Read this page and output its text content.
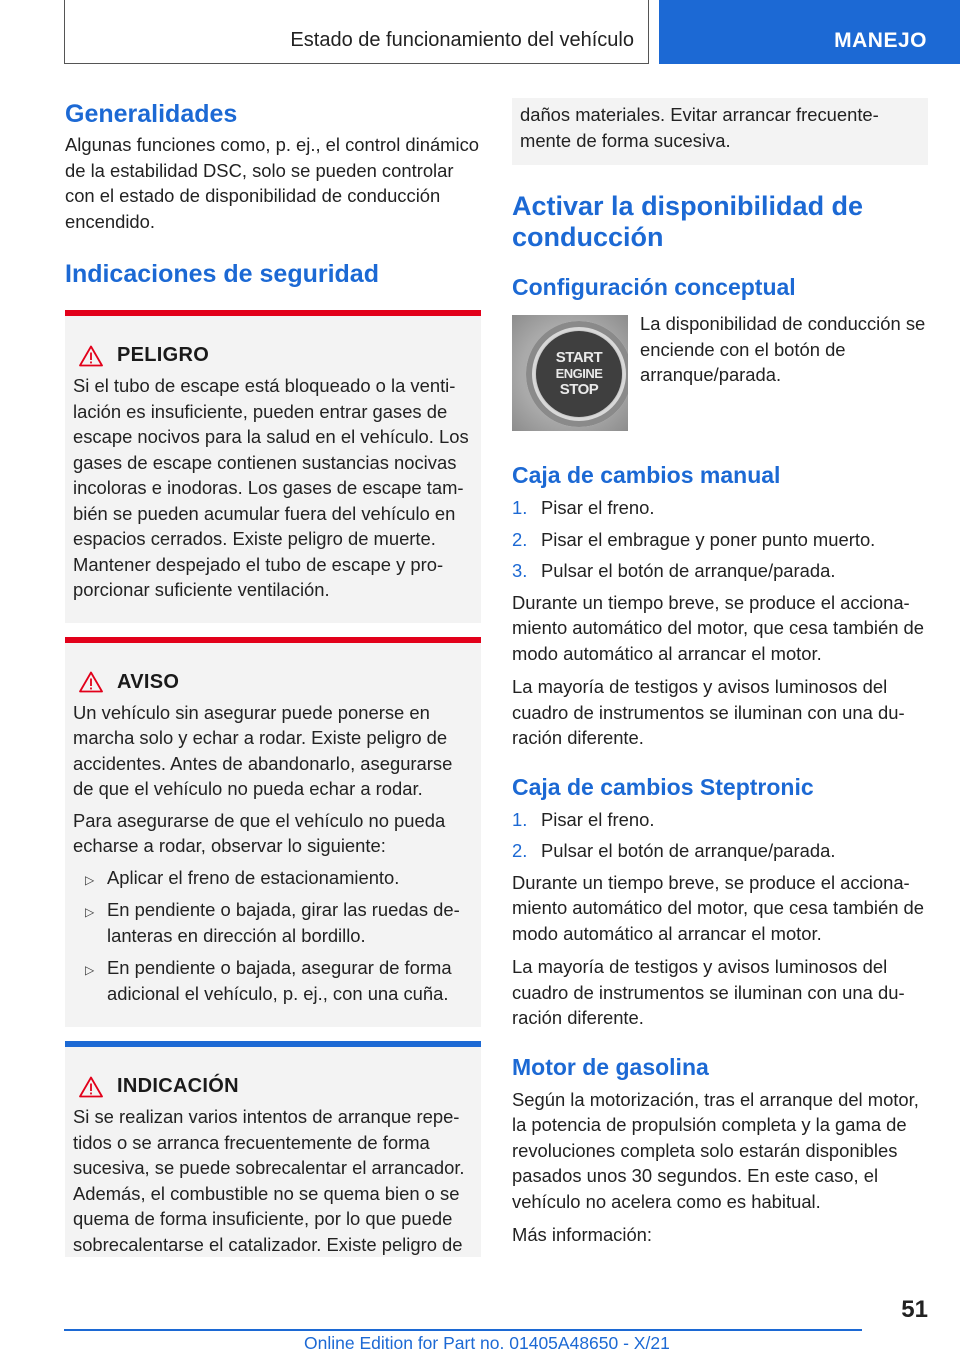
Estado de funcionamiento del vehículo	MANEJO
Generalidades

Algunas funciones como, p. ej., el control dinámico de la estabilidad DSC, solo se pueden controlar con el estado de disponibilidad de conducción encendido.

Indicaciones de seguridad
PELIGRO

Si el tubo de escape está bloqueado o la ventilación es insuficiente, pueden entrar gases de escape nocivos para la salud en el vehículo. Los gases de escape contienen sustancias nocivas incoloras e inodoras. Los gases de escape también se pueden acumular fuera del vehículo en espacios cerrados. Existe peligro de muerte. Mantener despejado el tubo de escape y proporcionar suficiente ventilación.

AVISO

Un vehículo sin asegurar puede ponerse en marcha solo y echar a rodar. Existe peligro de accidentes. Antes de abandonarlo, asegurarse de que el vehículo no pueda echar a rodar.

Para asegurarse de que el vehículo no pueda echarse a rodar, observar lo siguiente:

▷ Aplicar el freno de estacionamiento.
▷ En pendiente o bajada, girar las ruedas delanteras en dirección al bordillo.
▷ En pendiente o bajada, asegurar de forma adicional el vehículo, p. ej., con una cuña.
INDICACIÓN

Si se realizan varios intentos de arranque repetidos o se arranca frecuentemente de forma sucesiva, se puede sobrecalentar el arrancador. Además, el combustible no se quema bien o se quema de forma insuficiente, por lo que puede sobrecalentarse el catalizador. Existe peligro de

daños materiales. Evitar arrancar frecuentemente de forma sucesiva.

Activar la disponibilidad de conducción
Configuración conceptual
START
ENGINE
STOP

La disponibilidad de conducción se enciende con el botón de arranque/parada.

Caja de cambios manual
1. Pisar el freno.
2. Pisar el embrague y poner punto muerto.
3. Pulsar el botón de arranque/parada.

Durante un tiempo breve, se produce el accionamiento automático del motor, que cesa también de modo automático al arrancar el motor.

La mayoría de testigos y avisos luminosos del cuadro de instrumentos se iluminan con una duración diferente.

Caja de cambios Steptronic
1. Pisar el freno.
2. Pulsar el botón de arranque/parada.

Durante un tiempo breve, se produce el accionamiento automático del motor, que cesa también de modo automático al arrancar el motor.

La mayoría de testigos y avisos luminosos del cuadro de instrumentos se iluminan con una duración diferente.

Motor de gasolina

Según la motorización, tras el arranque del motor, la potencia de propulsión completa y la gama de revoluciones completa solo estarán disponibles pasados unos 30 segundos. En este caso, el vehículo no acelera como es habitual.

Más información:

51
Online Edition for Part no. 01405A48650 - X/21
